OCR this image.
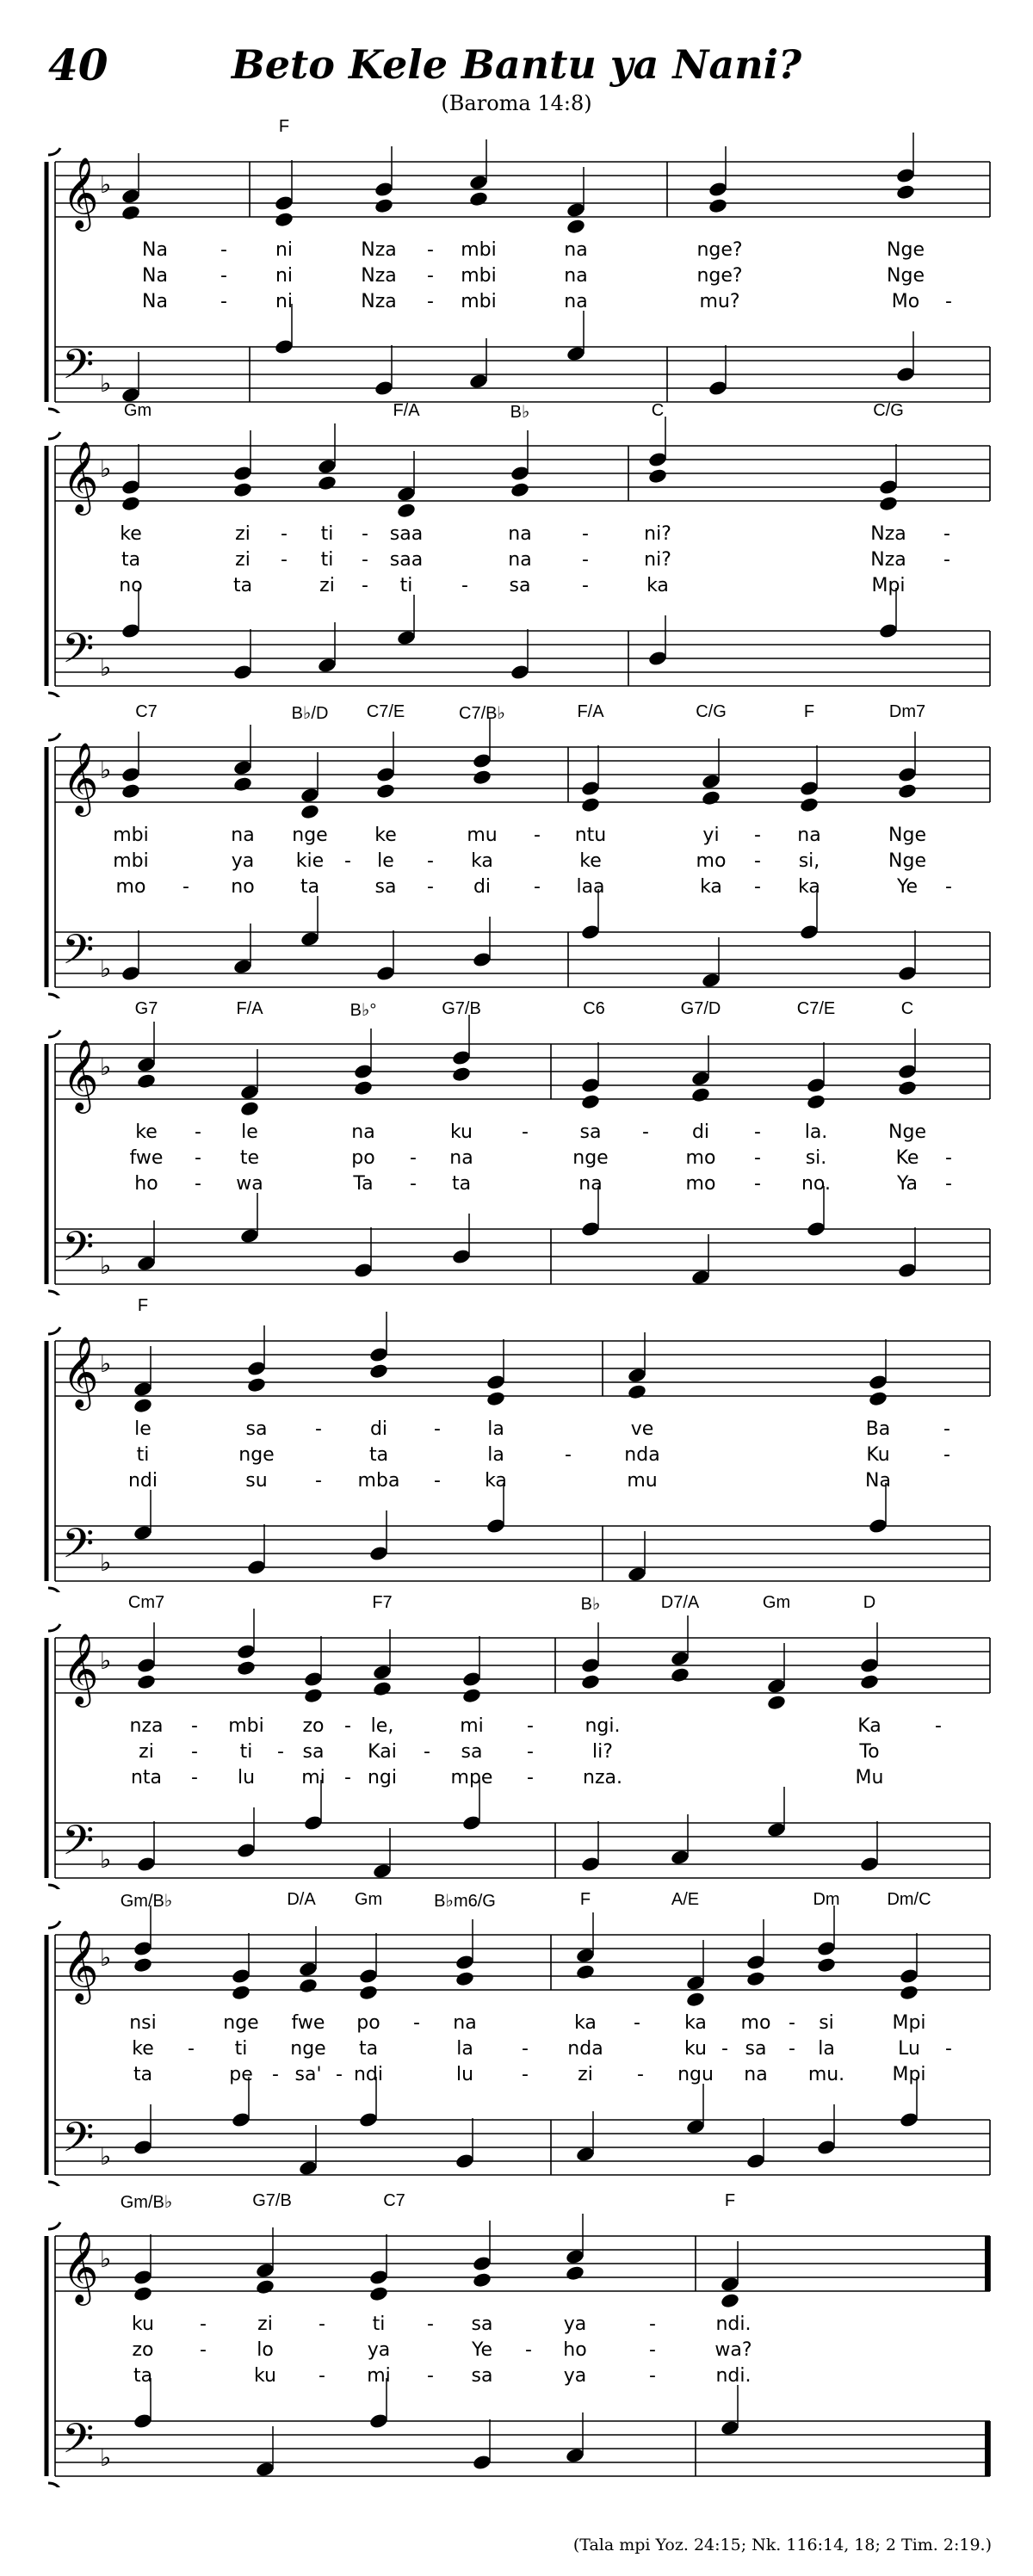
40	Beto Kele Bantu ya Nani?
(Baroma 14:8)
𝄞
𝄢
♭
♭
F
Na	-	ni	Nza - mbi	na	nge?	Nge
Na	-	ni	Nza - mbi	na	nge?	Nge
Na	-	ni	Nza - mbi	na	mu?	Mo -
𝄞
𝄢
♭
♭
Gm	F/A	B♭	C	C/G
ke	zi - ti - saa	na	-	ni?	Nza -
ta	zi - ti - saa	na	-	ni?	Nza -
no	ta	zi - ti	- sa	-	ka	Mpi
𝄞
𝄢
♭
♭
C7	B♭/D C7/E	C7/B♭	F/A	C/G	F	Dm7
mbi	na nge ke	mu - ntu	yi - na	Nge
mbi	ya kie - le - ka	ke	mo - si,	Nge
mo - no ta	sa - di - laa	ka - ka	Ye -
𝄞
𝄢
♭
♭
G7	F/A	B♭°	G7/B	C6	G7/D	C7/E	C
ke - le	na	ku	-	sa - di - la.	Nge
fwe - te	po - na	nge	mo - si.	Ke -
ho - wa	Ta - ta	na	mo - no.	Ya -
𝄞
𝄢
♭
♭
F
le	sa	-	di - la	ve	Ba	-
ti	nge	ta	la	-	nda	Ku	-
ndi	su	- mba - ka	mu	Na
𝄞
𝄢
♭
♭
Cm7	F7	B♭	D7/A	Gm	D
nza - mbi zo - le,	mi -	ngi.	Ka	-
zi - ti - sa Kai - sa -	li?	To
nta - lu mi - ngi	mpe -	nza.	Mu
𝄞
𝄢
♭
♭
Gm/B♭	D/A Gm	B♭m6/G	F	A/E	Dm	Dm/C
nsi	nge fwe po - na	ka - ka mo - si	Mpi
ke - ti nge ta	la	- nda	ku - sa - la	Lu -
ta	pe - sa' - ndi	lu	-	zi - ngu na mu.	Mpi
𝄞
𝄢
♭
♭
Gm/B♭	G7/B	C7	F
ku -	zi - ti - sa	ya	-	ndi.
zo -	lo	ya	Ye - ho	-	wa?
ta	ku - mi - sa	ya	-	ndi.
(Tala mpi Yoz. 24:15; Nk. 116:14, 18; 2 Tim. 2:19.)
